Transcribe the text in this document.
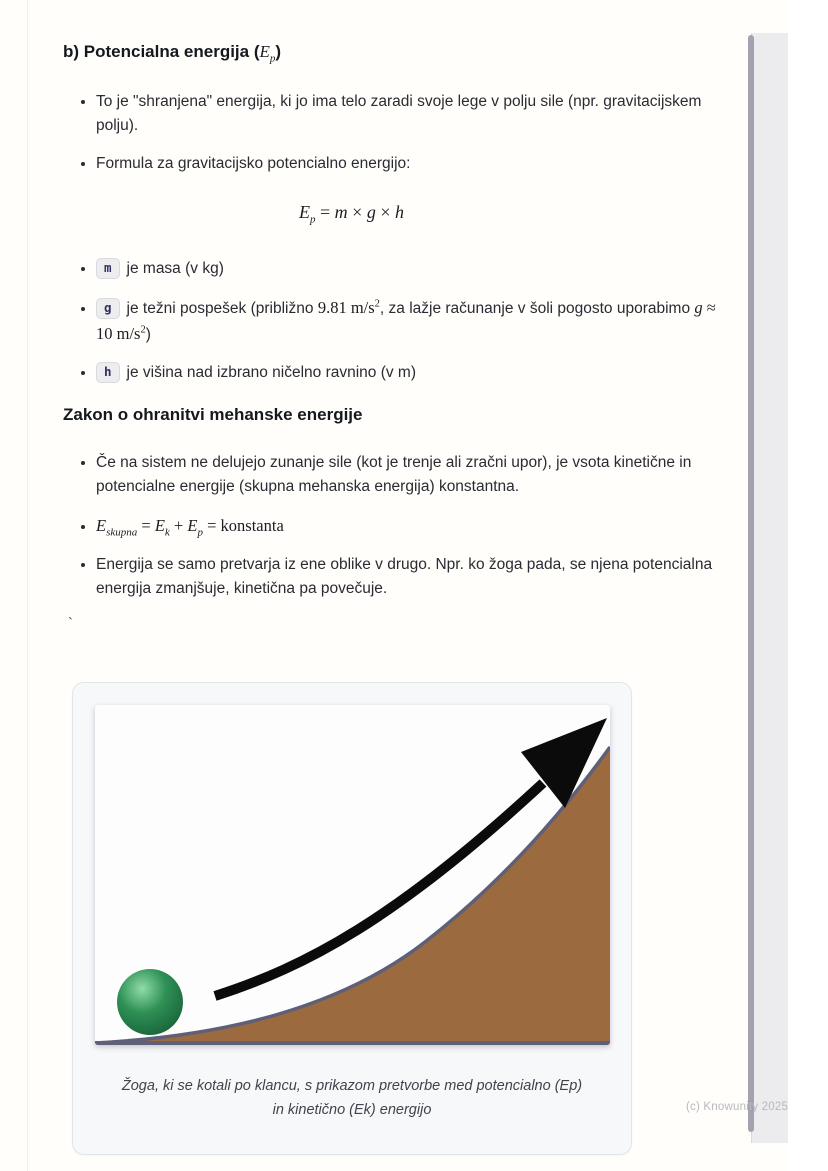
b) Potencialna energija $(E_p)$
• To je "shranjena" energija, ki jo ima telo zaradi svoje lege v polju sile (npr. gravitacijskem polju).
• Formula za gravitacijsko potencialno energijo:
$E_p = m \times g \times h$
• m je masa (v kg)
• g je težni pospešek (približno 9.81 $m/s^2$, za lažje računanje v šoli pogosto uporabimo g ≈ 10 $m/s^2$)
• h je višina nad izbrano ničelno ravnino (v m)
Zakon o ohranitvi mehanske energije
• Če na sistem ne delujejo zunanje sile (kot je trenje ali zračni upor), je vsota kinetične in potencialne energije (skupna mehanska energija) konstantna.
• $E_{skupna} = E_k + E_p$ = konstanta
• Energija se samo pretvarja iz ene oblike v drugo. Npr. ko žoga pada, se njena potencialna energija zmanjšuje, kinetična pa povečuje.
`
Žoga, ki se kotali po klancu, s prikazom pretvorbe med potencialno (Ep) in kinetično (Ek) energijo	(c) Knowunity 2025
